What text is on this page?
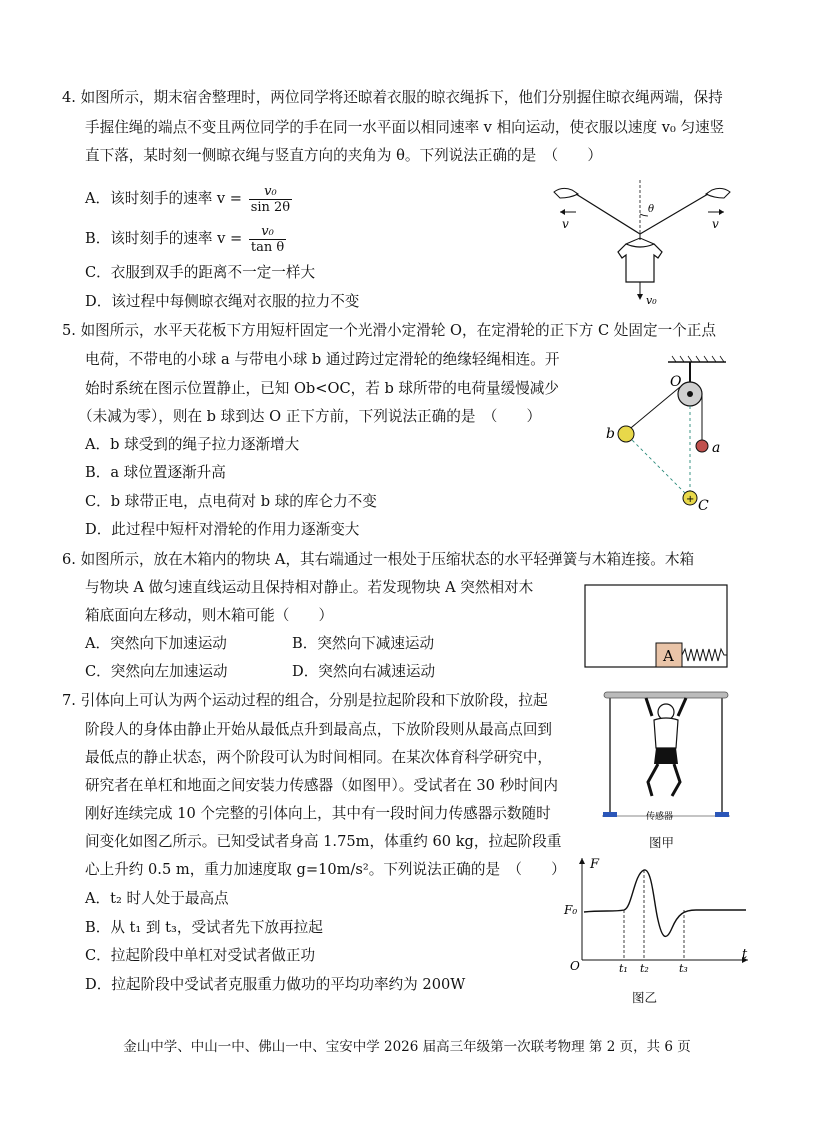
4. 如图所示，期末宿舍整理时，两位同学将还晾着衣服的晾衣绳拆下，他们分别握住晾衣绳两端，保持
手握住绳的端点不变且两位同学的手在同一水平面以相同速率 v 相向运动，使衣服以速度 v₀ 匀速竖
直下落，某时刻一侧晾衣绳与竖直方向的夹角为 θ。下列说法正确的是　（　　）
A．该时刻手的速率 $v = \frac{\text{v₀}}{\sin 2\theta}$
B．该时刻手的速率 $v = \frac{\text{v₀}}{\text{tan θ}}$
C．衣服到双手的距离不一定一样大
D．该过程中每侧晾衣绳对衣服的拉力不变
θ
v	v
v₀
5. 如图所示，水平天花板下方用短杆固定一个光滑小定滑轮 O，在定滑轮的正下方 C 处固定一个正点
电荷，不带电的小球 a 与带电小球 b 通过跨过定滑轮的绝缘轻绳相连。开
始时系统在图示位置静止，已知 Ob<OC，若 b 球所带的电荷量缓慢减少
（未减为零），则在 b 球到达 O 正下方前，下列说法正确的是　（　　）
A．b 球受到的绳子拉力逐渐增大
B．a 球位置逐渐升高
C．b 球带正电，点电荷对 b 球的库仑力不变
D．此过程中短杆对滑轮的作用力逐渐变大
O
b
a
+ C
6. 如图所示，放在木箱内的物块 A，其右端通过一根处于压缩状态的水平轻弹簧与木箱连接。木箱
与物块 A 做匀速直线运动且保持相对静止。若发现物块 A 突然相对木
箱底面向左移动，则木箱可能（　　）
A．突然向下加速运动	B．突然向下减速运动
C．突然向左加速运动	D．突然向右减速运动
A
7. 引体向上可认为两个运动过程的组合，分别是拉起阶段和下放阶段，拉起
阶段人的身体由静止开始从最低点升到最高点，下放阶段则从最高点回到
最低点的静止状态，两个阶段可认为时间相同。在某次体育科学研究中，
研究者在单杠和地面之间安装力传感器（如图甲）。受试者在 30 秒时间内
刚好连续完成 10 个完整的引体向上，其中有一段时间力传感器示数随时
间变化如图乙所示。已知受试者身高 1.75m，体重约 60 kg，拉起阶段重
心上升约 0.5 m，重力加速度取 g=10m/s²。下列说法正确的是　（　　）
A．t₂ 时人处于最高点
B．从 t₁ 到 t₃，受试者先下放再拉起
C．拉起阶段中单杠对受试者做正功
D．拉起阶段中受试者克服重力做功的平均功率约为 200W
传感器
图甲
F
t
O
F₀
t₁ t₂	t₃
图乙
金山中学、中山一中、佛山一中、宝安中学 2026 届高三年级第一次联考物理 第 2 页，共 6 页
